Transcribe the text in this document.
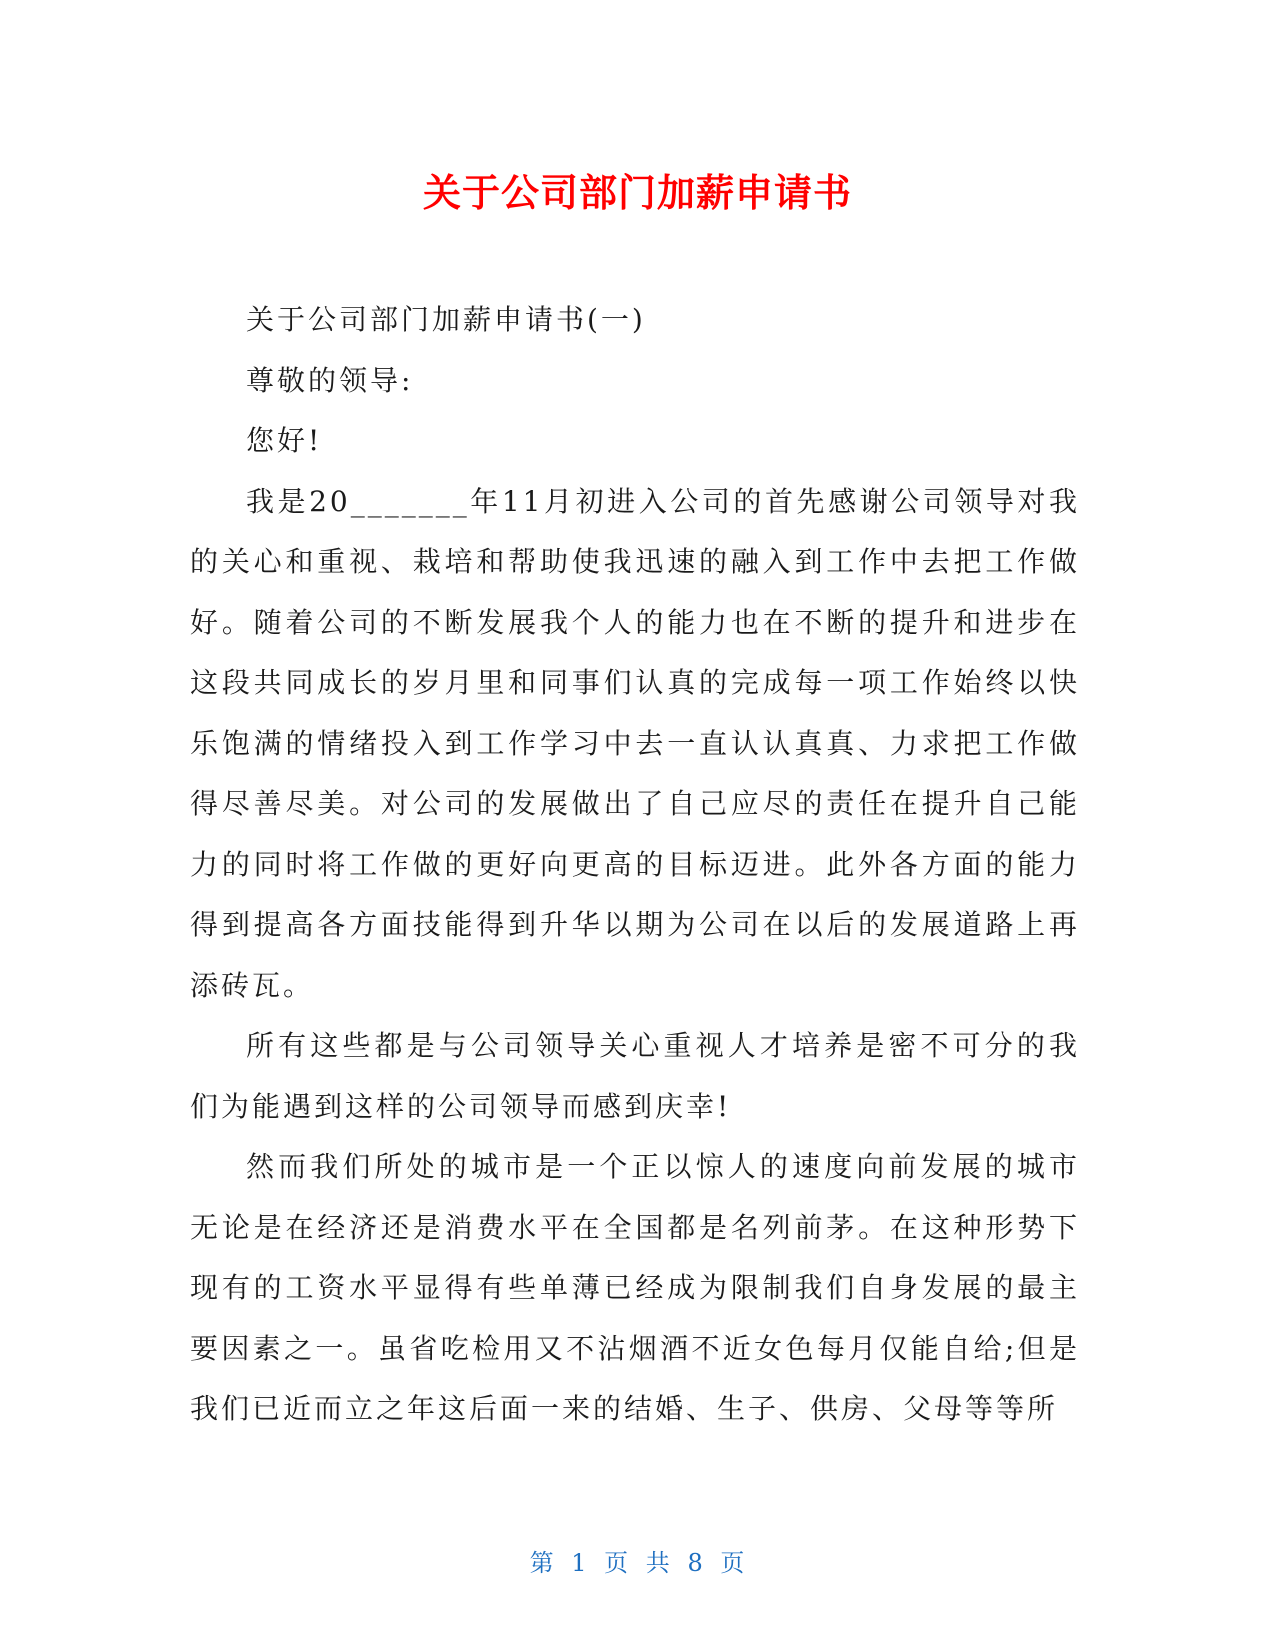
关于公司部门加薪申请书

关于公司部门加薪申请书(一)

尊敬的领导:

您好!

我是20_______年11月初进入公司的首先感谢公司领导对我的关心和重视、栽培和帮助使我迅速的融入到工作中去把工作做好。随着公司的不断发展我个人的能力也在不断的提升和进步在这段共同成长的岁月里和同事们认真的完成每一项工作始终以快乐饱满的情绪投入到工作学习中去一直认认真真、力求把工作做得尽善尽美。对公司的发展做出了自己应尽的责任在提升自己能力的同时将工作做的更好向更高的目标迈进。此外各方面的能力得到提高各方面技能得到升华以期为公司在以后的发展道路上再添砖瓦。

所有这些都是与公司领导关心重视人才培养是密不可分的我们为能遇到这样的公司领导而感到庆幸!

然而我们所处的城市是一个正以惊人的速度向前发展的城市无论是在经济还是消费水平在全国都是名列前茅。在这种形势下现有的工资水平显得有些单薄已经成为限制我们自身发展的最主要因素之一。虽省吃检用又不沾烟酒不近女色每月仅能自给;但是我们已近而立之年这后面一来的结婚、生子、供房、父母等等所

第 1 页 共 8 页
